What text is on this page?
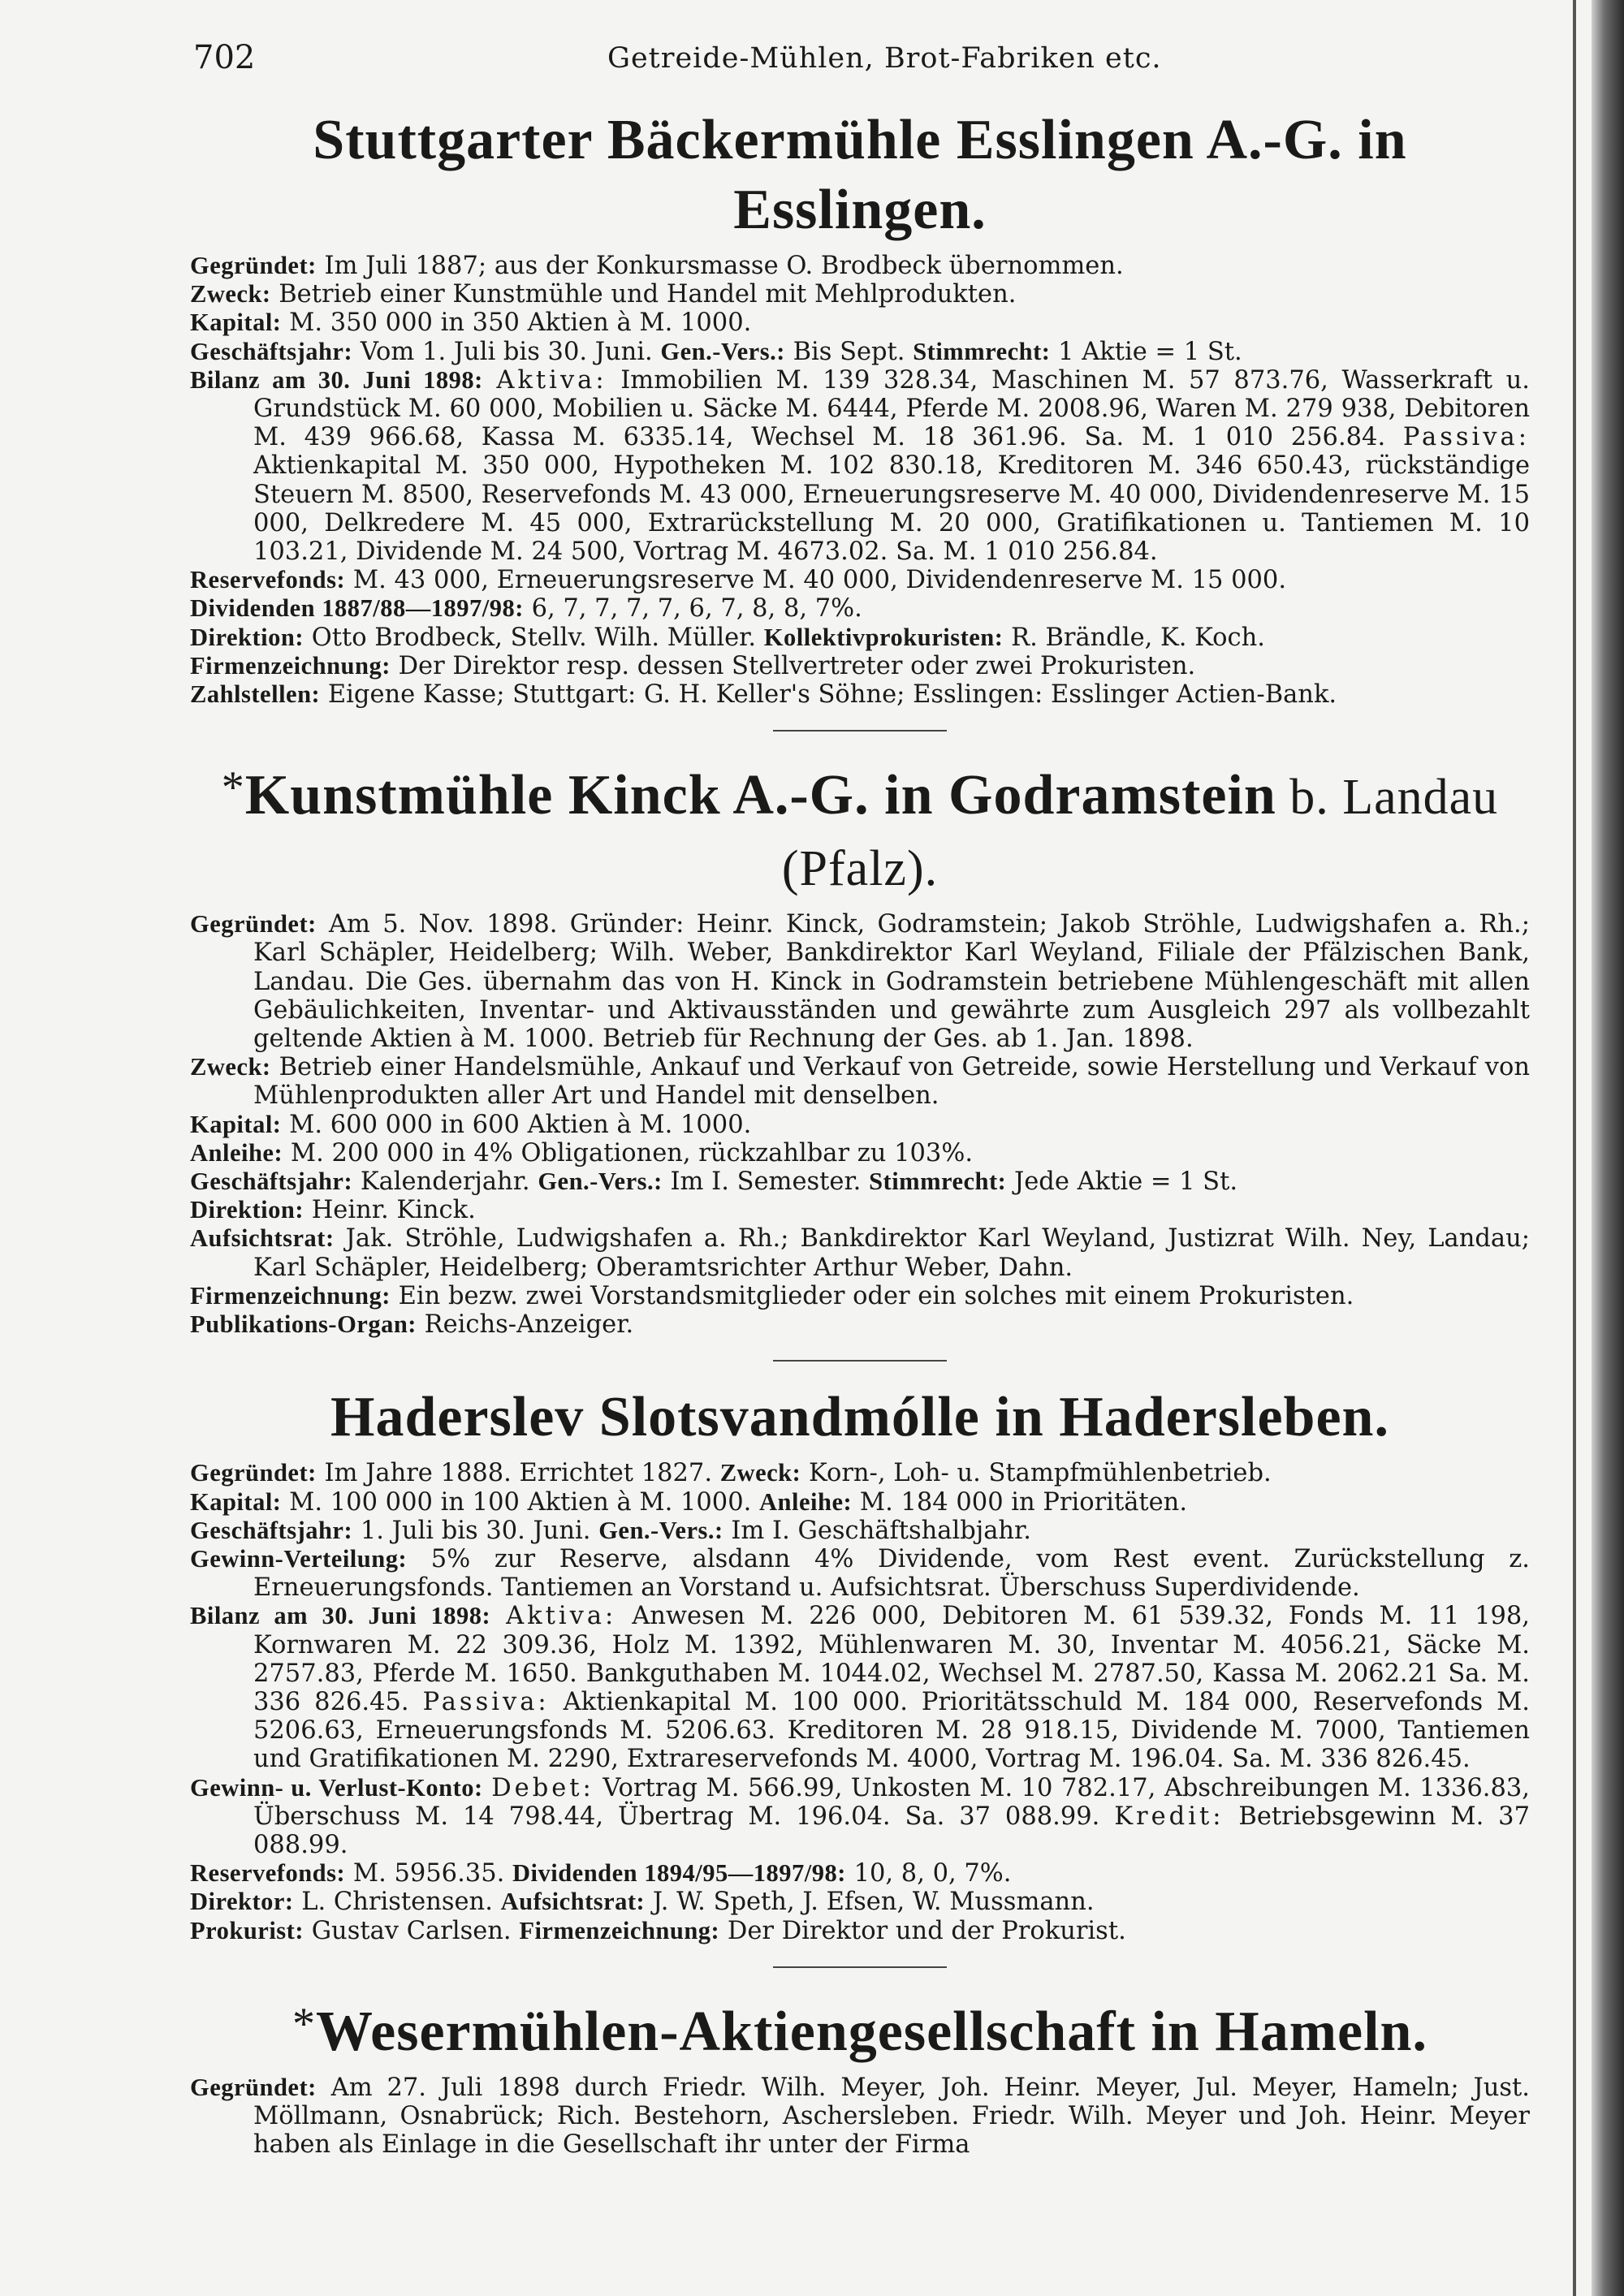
702	Getreide-Mühlen, Brot-Fabriken etc.
Stuttgarter Bäckermühle Esslingen A.-G. in Esslingen.

Gegründet: Im Juli 1887; aus der Konkursmasse O. Brodbeck übernommen.

Zweck: Betrieb einer Kunstmühle und Handel mit Mehlprodukten.

Kapital: M. 350 000 in 350 Aktien à M. 1000.

Geschäftsjahr: Vom 1. Juli bis 30. Juni. Gen.-Vers.: Bis Sept. Stimmrecht: 1 Aktie = 1 St.

Bilanz am 30. Juni 1898: Aktiva: Immobilien M. 139 328.34, Maschinen M. 57 873.76, Wasserkraft u. Grundstück M. 60 000, Mobilien u. Säcke M. 6444, Pferde M. 2008.96, Waren M. 279 938, Debitoren M. 439 966.68, Kassa M. 6335.14, Wechsel M. 18 361.96. Sa. M. 1 010 256.84. Passiva: Aktienkapital M. 350 000, Hypotheken M. 102 830.18, Kreditoren M. 346 650.43, rückständige Steuern M. 8500, Reservefonds M. 43 000, Erneuerungsreserve M. 40 000, Dividendenreserve M. 15 000, Delkredere M. 45 000, Extrarückstellung M. 20 000, Gratifikationen u. Tantiemen M. 10 103.21, Dividende M. 24 500, Vortrag M. 4673.02. Sa. M. 1 010 256.84.

Reservefonds: M. 43 000, Erneuerungsreserve M. 40 000, Dividendenreserve M. 15 000.

Dividenden 1887/88—1897/98: 6, 7, 7, 7, 7, 6, 7, 8, 8, 7%.

Direktion: Otto Brodbeck, Stellv. Wilh. Müller. Kollektivprokuristen: R. Brändle, K. Koch.

Firmenzeichnung: Der Direktor resp. dessen Stellvertreter oder zwei Prokuristen.

Zahlstellen: Eigene Kasse; Stuttgart: G. H. Keller's Söhne; Esslingen: Esslinger Actien-Bank.

*Kunstmühle Kinck A.-G. in Godramstein b. Landau (Pfalz).

Gegründet: Am 5. Nov. 1898. Gründer: Heinr. Kinck, Godramstein; Jakob Ströhle, Ludwigshafen a. Rh.; Karl Schäpler, Heidelberg; Wilh. Weber, Bankdirektor Karl Weyland, Filiale der Pfälzischen Bank, Landau. Die Ges. übernahm das von H. Kinck in Godramstein betriebene Mühlengeschäft mit allen Gebäulichkeiten, Inventar- und Aktivausständen und gewährte zum Ausgleich 297 als vollbezahlt geltende Aktien à M. 1000. Betrieb für Rechnung der Ges. ab 1. Jan. 1898.

Zweck: Betrieb einer Handelsmühle, Ankauf und Verkauf von Getreide, sowie Herstellung und Verkauf von Mühlenprodukten aller Art und Handel mit denselben.

Kapital: M. 600 000 in 600 Aktien à M. 1000.

Anleihe: M. 200 000 in 4% Obligationen, rückzahlbar zu 103%.

Geschäftsjahr: Kalenderjahr. Gen.-Vers.: Im I. Semester. Stimmrecht: Jede Aktie = 1 St.

Direktion: Heinr. Kinck.

Aufsichtsrat: Jak. Ströhle, Ludwigshafen a. Rh.; Bankdirektor Karl Weyland, Justizrat Wilh. Ney, Landau; Karl Schäpler, Heidelberg; Oberamtsrichter Arthur Weber, Dahn.

Firmenzeichnung: Ein bezw. zwei Vorstandsmitglieder oder ein solches mit einem Prokuristen.

Publikations-Organ: Reichs-Anzeiger.

Haderslev Slotsvandmólle in Hadersleben.

Gegründet: Im Jahre 1888. Errichtet 1827. Zweck: Korn-, Loh- u. Stampfmühlenbetrieb.

Kapital: M. 100 000 in 100 Aktien à M. 1000. Anleihe: M. 184 000 in Prioritäten.

Geschäftsjahr: 1. Juli bis 30. Juni. Gen.-Vers.: Im I. Geschäftshalbjahr.

Gewinn-Verteilung: 5% zur Reserve, alsdann 4% Dividende, vom Rest event. Zurückstellung z. Erneuerungsfonds. Tantiemen an Vorstand u. Aufsichtsrat. Überschuss Superdividende.

Bilanz am 30. Juni 1898: Aktiva: Anwesen M. 226 000, Debitoren M. 61 539.32, Fonds M. 11 198, Kornwaren M. 22 309.36, Holz M. 1392, Mühlenwaren M. 30, Inventar M. 4056.21, Säcke M. 2757.83, Pferde M. 1650. Bankguthaben M. 1044.02, Wechsel M. 2787.50, Kassa M. 2062.21 Sa. M. 336 826.45. Passiva: Aktienkapital M. 100 000. Prioritätsschuld M. 184 000, Reservefonds M. 5206.63, Erneuerungsfonds M. 5206.63. Kreditoren M. 28 918.15, Dividende M. 7000, Tantiemen und Gratifikationen M. 2290, Extrareservefonds M. 4000, Vortrag M. 196.04. Sa. M. 336 826.45.

Gewinn- u. Verlust-Konto: Debet: Vortrag M. 566.99, Unkosten M. 10 782.17, Abschreibungen M. 1336.83, Überschuss M. 14 798.44, Übertrag M. 196.04. Sa. 37 088.99. Kredit: Betriebsgewinn M. 37 088.99.

Reservefonds: M. 5956.35. Dividenden 1894/95—1897/98: 10, 8, 0, 7%.

Direktor: L. Christensen. Aufsichtsrat: J. W. Speth, J. Efsen, W. Mussmann.

Prokurist: Gustav Carlsen. Firmenzeichnung: Der Direktor und der Prokurist.

*Wesermühlen-Aktiengesellschaft in Hameln.

Gegründet: Am 27. Juli 1898 durch Friedr. Wilh. Meyer, Joh. Heinr. Meyer, Jul. Meyer, Hameln; Just. Möllmann, Osnabrück; Rich. Bestehorn, Aschersleben. Friedr. Wilh. Meyer und Joh. Heinr. Meyer haben als Einlage in die Gesellschaft ihr unter der Firma
